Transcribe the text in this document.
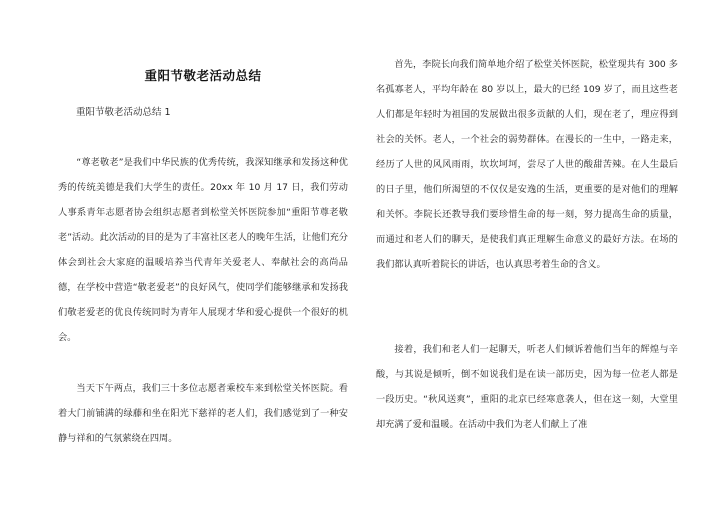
重阳节敬老活动总结

重阳节敬老活动总结 1

“尊老敬老”是我们中华民族的优秀传统，我深知继承和发扬这种优秀的传统美德是我们大学生的责任。20xx 年 10 月 17 日，我们劳动人事系青年志愿者协会组织志愿者到松堂关怀医院参加“重阳节尊老敬老”活动。此次活动的目的是为了丰富社区老人的晚年生活，让他们充分体会到社会大家庭的温暖培养当代青年关爱老人、奉献社会的高尚品德，在学校中营造“敬老爱老”的良好风气，使同学们能够继承和发扬我们敬老爱老的优良传统同时为青年人展现才华和爱心提供一个很好的机会。

当天下午两点，我们三十多位志愿者乘校车来到松堂关怀医院。看着大门前铺满的绿藤和坐在阳光下慈祥的老人们，我们感觉到了一种安静与祥和的气氛萦绕在四周。

首先，李院长向我们简单地介绍了松堂关怀医院，松堂现共有 300 多名孤寡老人，平均年龄在 80 岁以上，最大的已经 109 岁了，而且这些老人们都是年轻时为祖国的发展做出很多贡献的人们，现在老了，理应得到社会的关怀。老人，一个社会的弱势群体。在漫长的一生中，一路走来，经历了人世的风风雨雨，坎坎坷坷，尝尽了人世的酸甜苦辣。在人生最后的日子里，他们所渴望的不仅仅是安逸的生活，更重要的是对他们的理解和关怀。李院长还教导我们要珍惜生命的每一刻，努力提高生命的质量，而通过和老人们的聊天，是使我们真正理解生命意义的最好方法。在场的我们都认真听着院长的讲话，也认真思考着生命的含义。

接着，我们和老人们一起聊天，听老人们倾诉着他们当年的辉煌与辛酸，与其说是倾听，倒不如说我们是在读一部历史，因为每一位老人都是一段历史。“秋风送爽”，重阳的北京已经寒意袭人，但在这一刻，大堂里却充满了爱和温暖。在活动中我们为老人们献上了准
